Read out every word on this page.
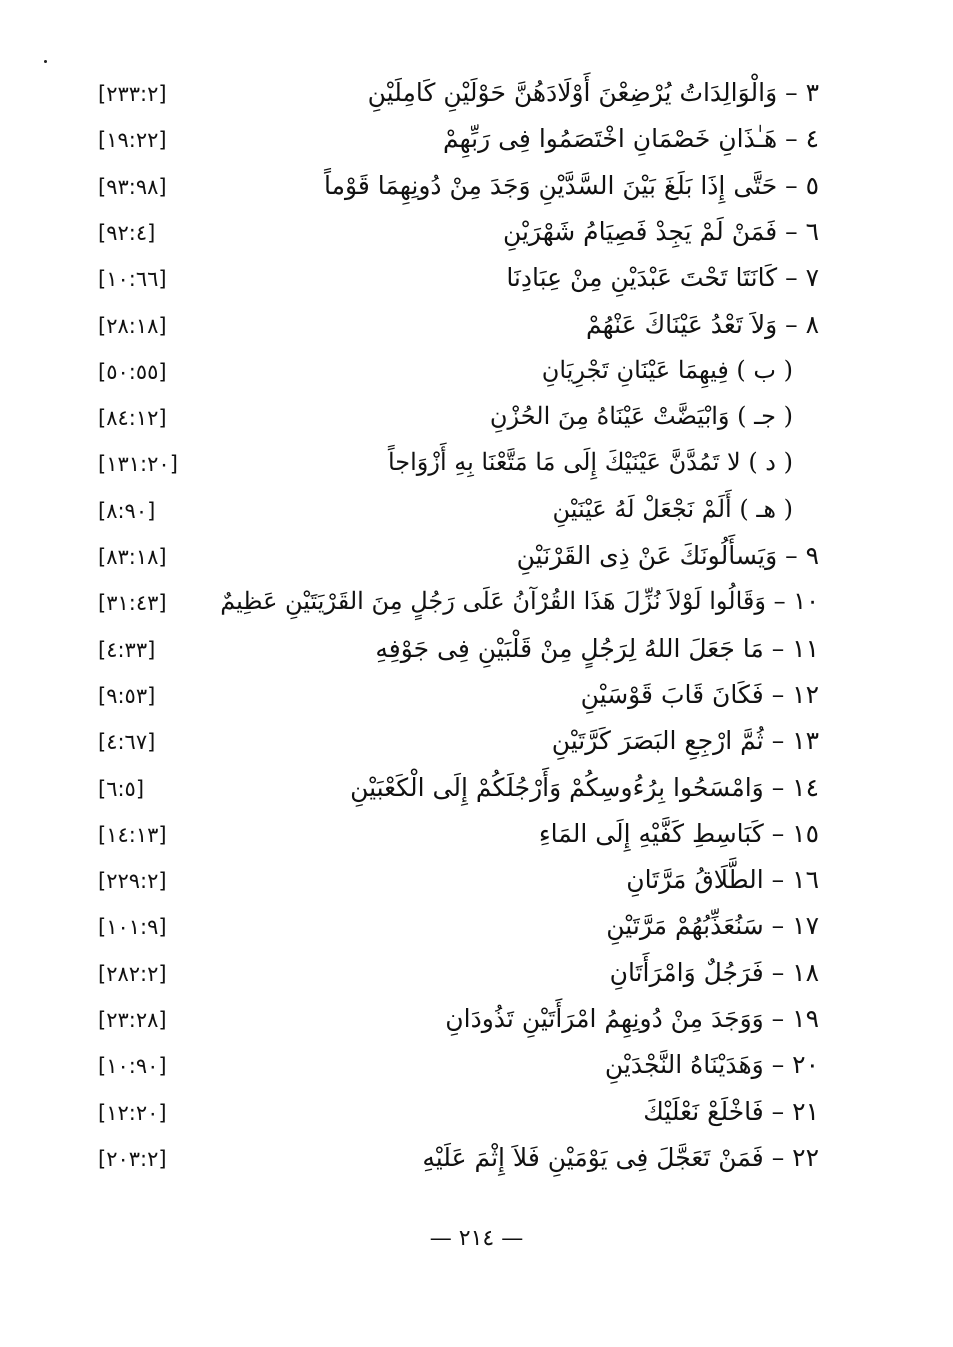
٣ – وَالْوَالِدَاتُ يُرْضِعْنَ أَوْلَادَهُنَّ حَوْلَيْنِ كَامِلَيْنِ
[٢٣٣:٢]
٤ – هَـٰذَانِ خَصْمَانِ اخْتَصَمُوا فِى رَبِّهِمْ
[١٩:٢٢]
٥ – حَتَّى إِذَا بَلَغَ بَيْنَ السَّدَّيْنِ وَجَدَ مِنْ دُونِهِمَا قَوْماً
[٩٣:٩٨]
٦ – فَمَنْ لَمْ يَجِدْ فَصِيَامُ شَهْرَيْنِ
[٩٢:٤]
٧ – كَانَتَا تَحْتَ عَبْدَيْنِ مِنْ عِبَادِنَا
[١٠:٦٦]
٨ – وَلاَ تَعْدُ عَيْنَاكَ عَنْهُمْ
[٢٨:١٨]
( ب ) فِيهِمَا عَيْنَانِ تَجْرِيَانِ
[٥٠:٥٥]
( جـ ) وَابْيَضَّتْ عَيْنَاهُ مِنَ الحُزْنِ
[٨٤:١٢]
( د ) لا تَمُدَّنَّ عَيْنَيْكَ إِلَى مَا مَتَّعْنَا بِهِ أَزْوَاجاً
[١٣١:٢٠]
( هـ ) أَلَمْ نَجْعَلْ لَهُ عَيْنَيْنِ
[٨:٩٠]
٩ – وَيَسأَلُونَكَ عَنْ ذِى القَرْنَيْنِ
[٨٣:١٨]
١٠ – وَقَالُوا لَوْلاَ نُزِّلَ هَذَا القُرْآنُ عَلَى رَجُلٍ مِنَ القَرْيَتَيْنِ عَظِيمٌ
[٣١:٤٣]
١١ – مَا جَعَلَ اللهُ لِرَجُلٍ مِنْ قَلْبَيْنِ فِى جَوْفِهِ
[٤:٣٣]
١٢ – فَكَانَ قَابَ قَوْسَيْنِ
[٩:٥٣]
١٣ – ثُمَّ ارْجِعِ البَصَرَ كَرَّتَيْنِ
[٤:٦٧]
١٤ – وَامْسَحُوا بِرُءُوسِكُمْ وَأَرْجُلَكُمْ إِلَى الْكَعْبَيْنِ
[٦:٥]
١٥ – كَبَاسِطِ كَفَّيْهِ إِلَى المَاءِ
[١٤:١٣]
١٦ – الطَّلَاقُ مَرَّتَانِ
[٢٢٩:٢]
١٧ – سَنُعَذِّبُهُمْ مَرَّتَيْنِ
[١٠١:٩]
١٨ – فَرَجُلٌ وَامْرَأَتَانِ
[٢٨٢:٢]
١٩ – وَوَجَدَ مِنْ دُونِهِمُ امْرَأَتَيْنِ تَذُودَانِ
[٢٣:٢٨]
٢٠ – وَهَدَيْنَاهُ النَّجْدَيْنِ
[١٠:٩٠]
٢١ – فَاخْلَعْ نَعْلَيْكَ
[١٢:٢٠]
٢٢ – فَمَنْ تَعَجَّلَ فِى يَوْمَيْنِ فَلاَ إِثْمَ عَلَيْهِ
[٢٠٣:٢]
— ٢١٤ —
